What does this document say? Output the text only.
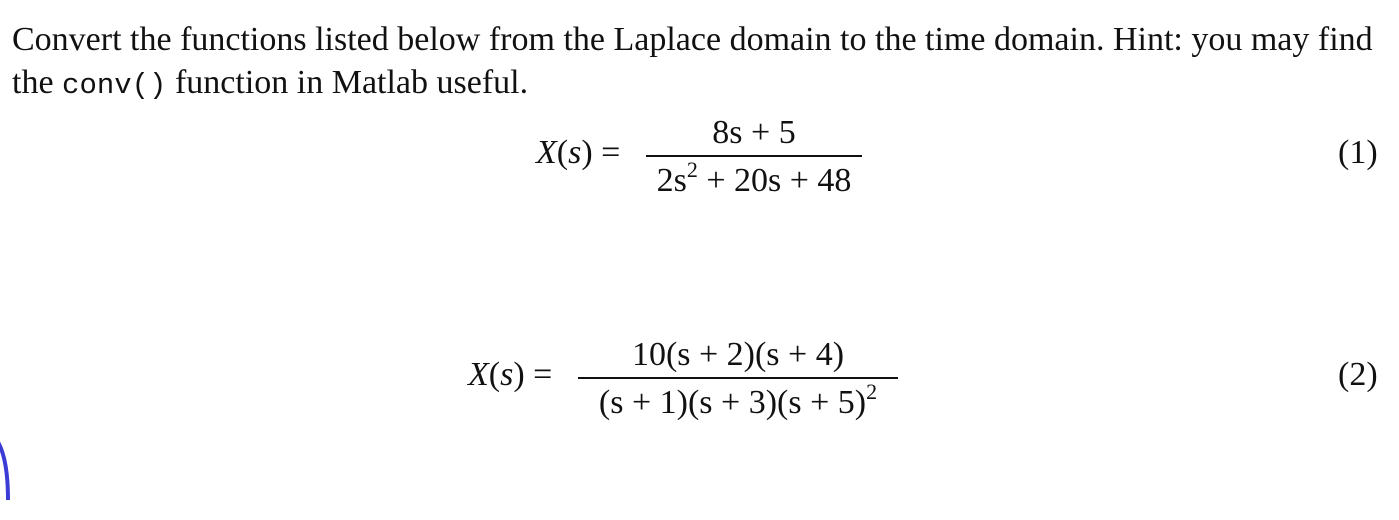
Convert the functions listed below from the Laplace domain to the time domain. Hint: you may find the conv() function in Matlab useful.

X(s) =
8s + 5
$2s^2 + 20s + 48$
(1)
X(s) =
10(s + 2)(s + 4)
$(s + 1)(s + 3)(s + 5)^2$	(2)
